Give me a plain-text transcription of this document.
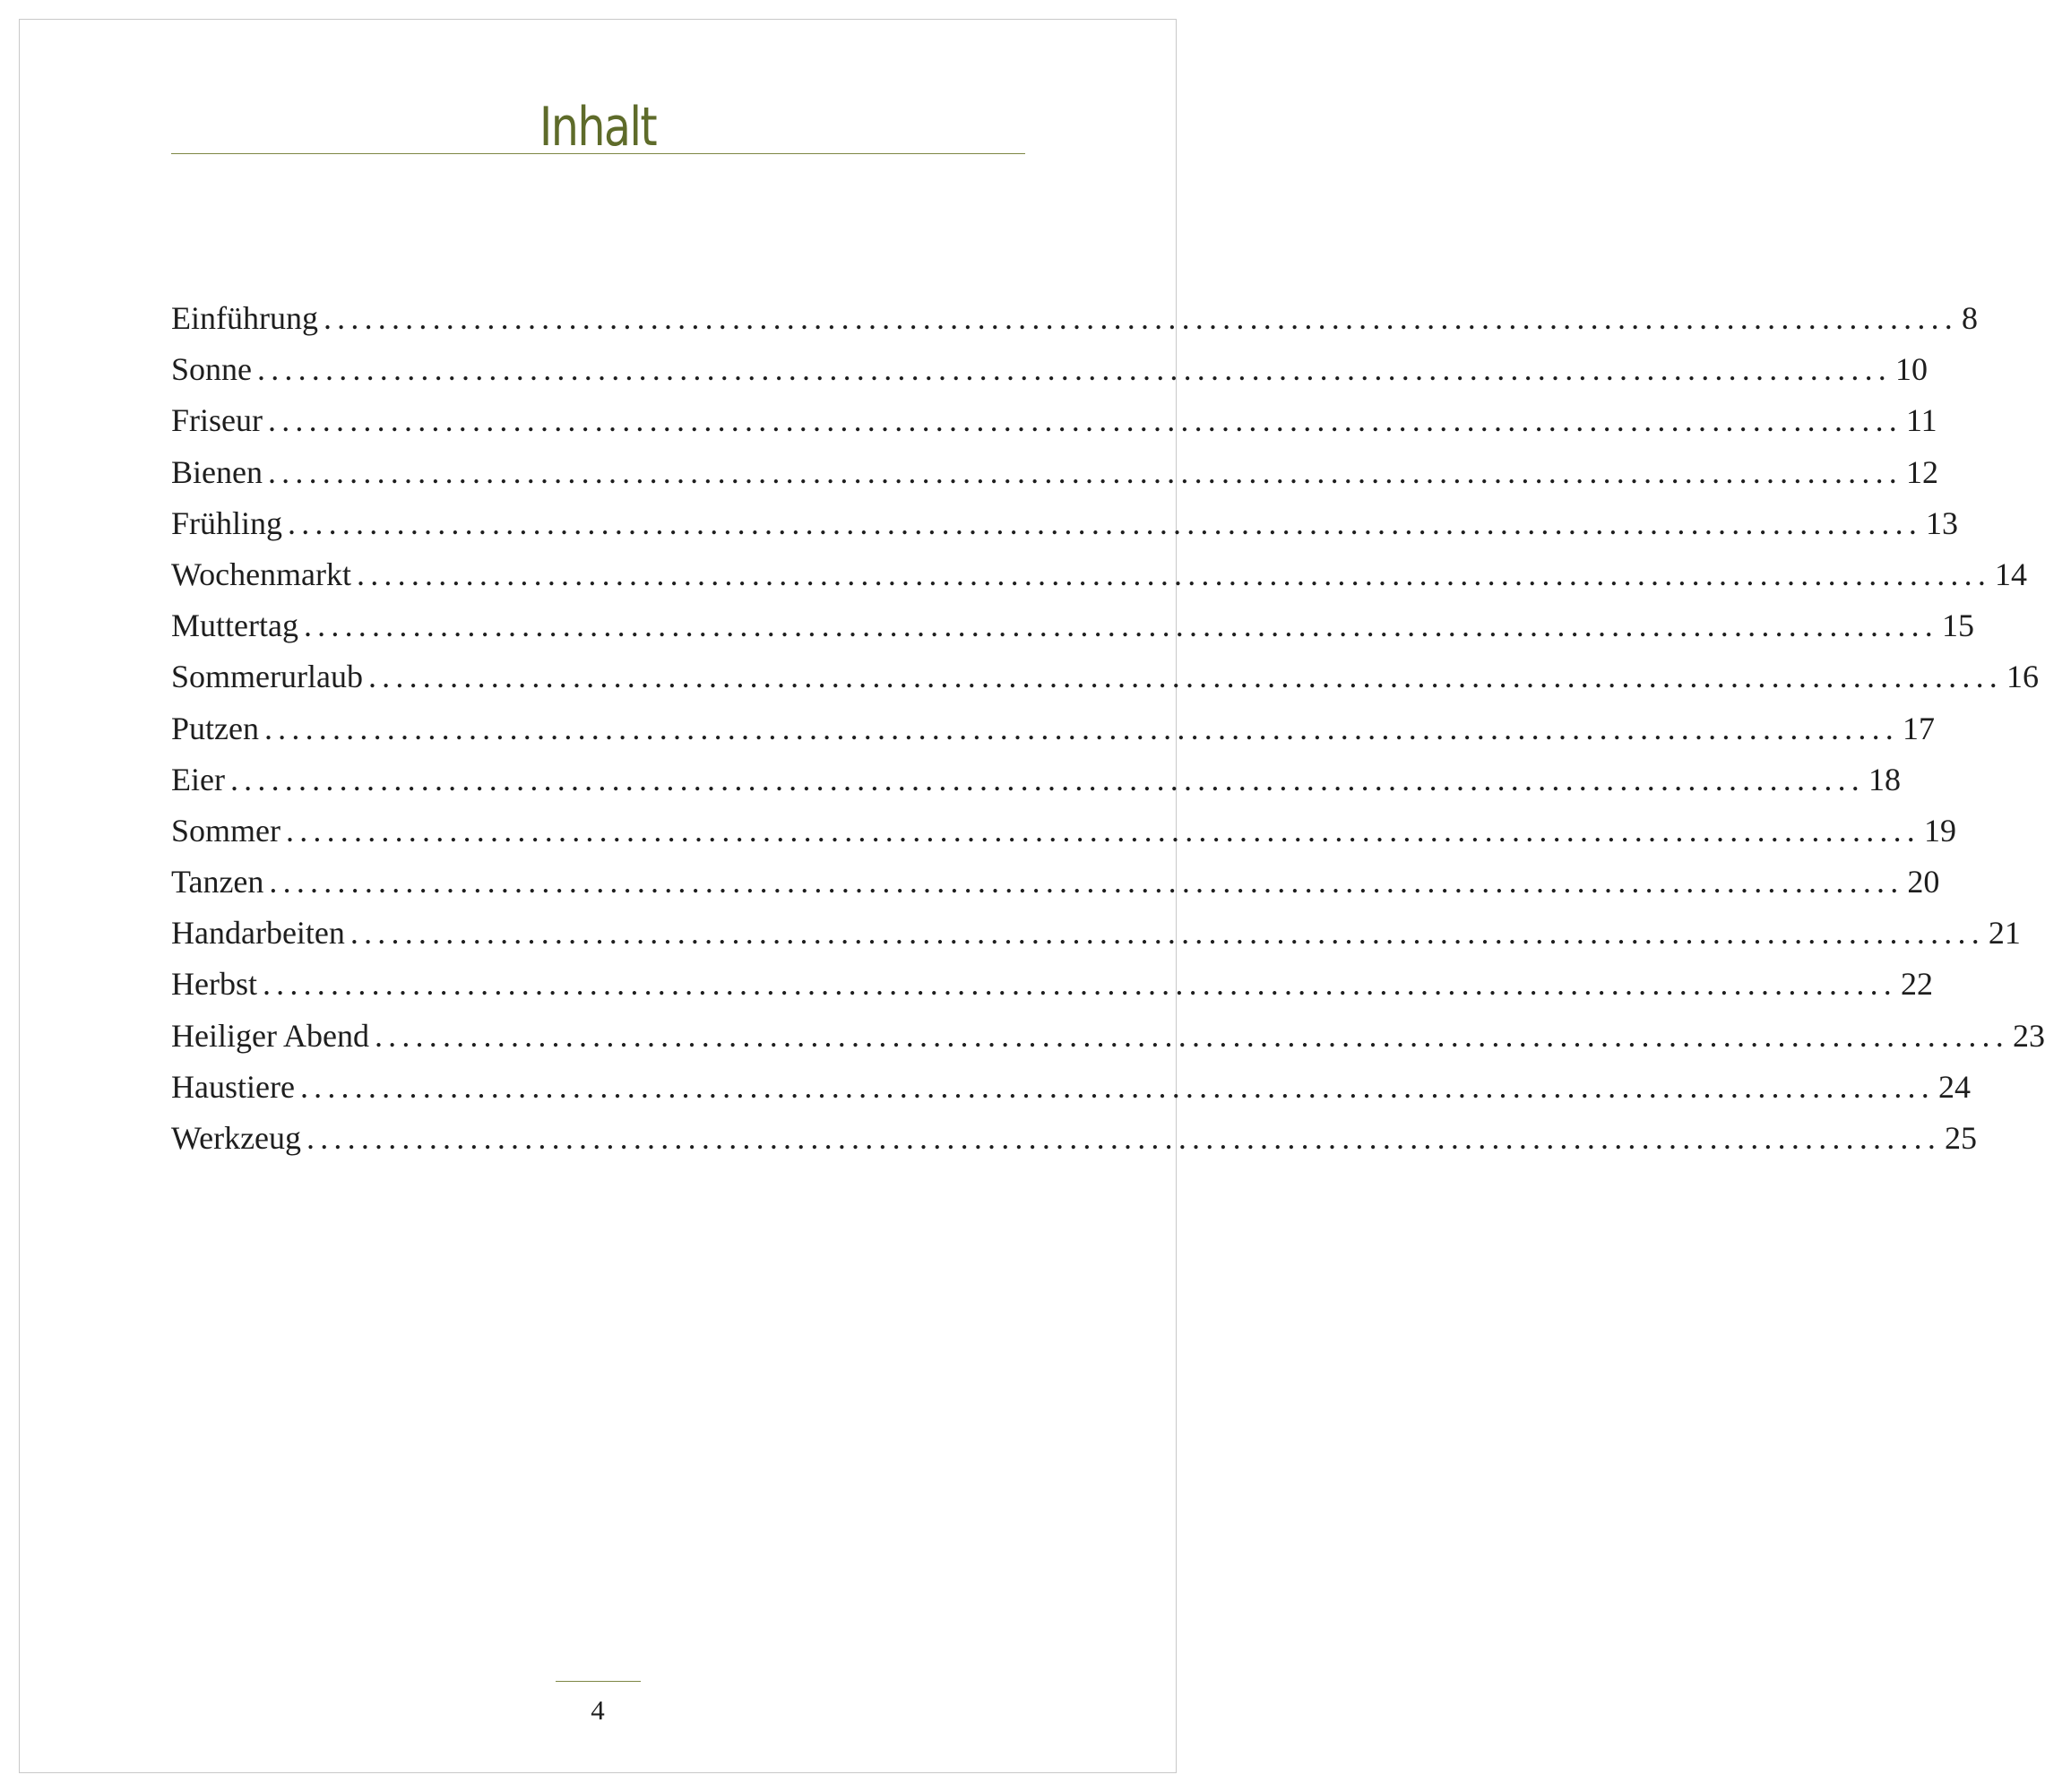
Inhalt
Einführung ........................................................................................................................ 8
Sonne ........................................................................................................................ 10
Friseur ........................................................................................................................ 11
Bienen ........................................................................................................................ 12
Frühling ........................................................................................................................ 13
Wochenmarkt ........................................................................................................................ 14
Muttertag ........................................................................................................................ 15
Sommerurlaub ........................................................................................................................ 16
Putzen ........................................................................................................................ 17
Eier ........................................................................................................................ 18
Sommer ........................................................................................................................ 19
Tanzen ........................................................................................................................ 20
Handarbeiten ........................................................................................................................ 21
Herbst ........................................................................................................................ 22
Heiliger Abend ........................................................................................................................ 23
Haustiere ........................................................................................................................ 24
Werkzeug ........................................................................................................................ 25
4
